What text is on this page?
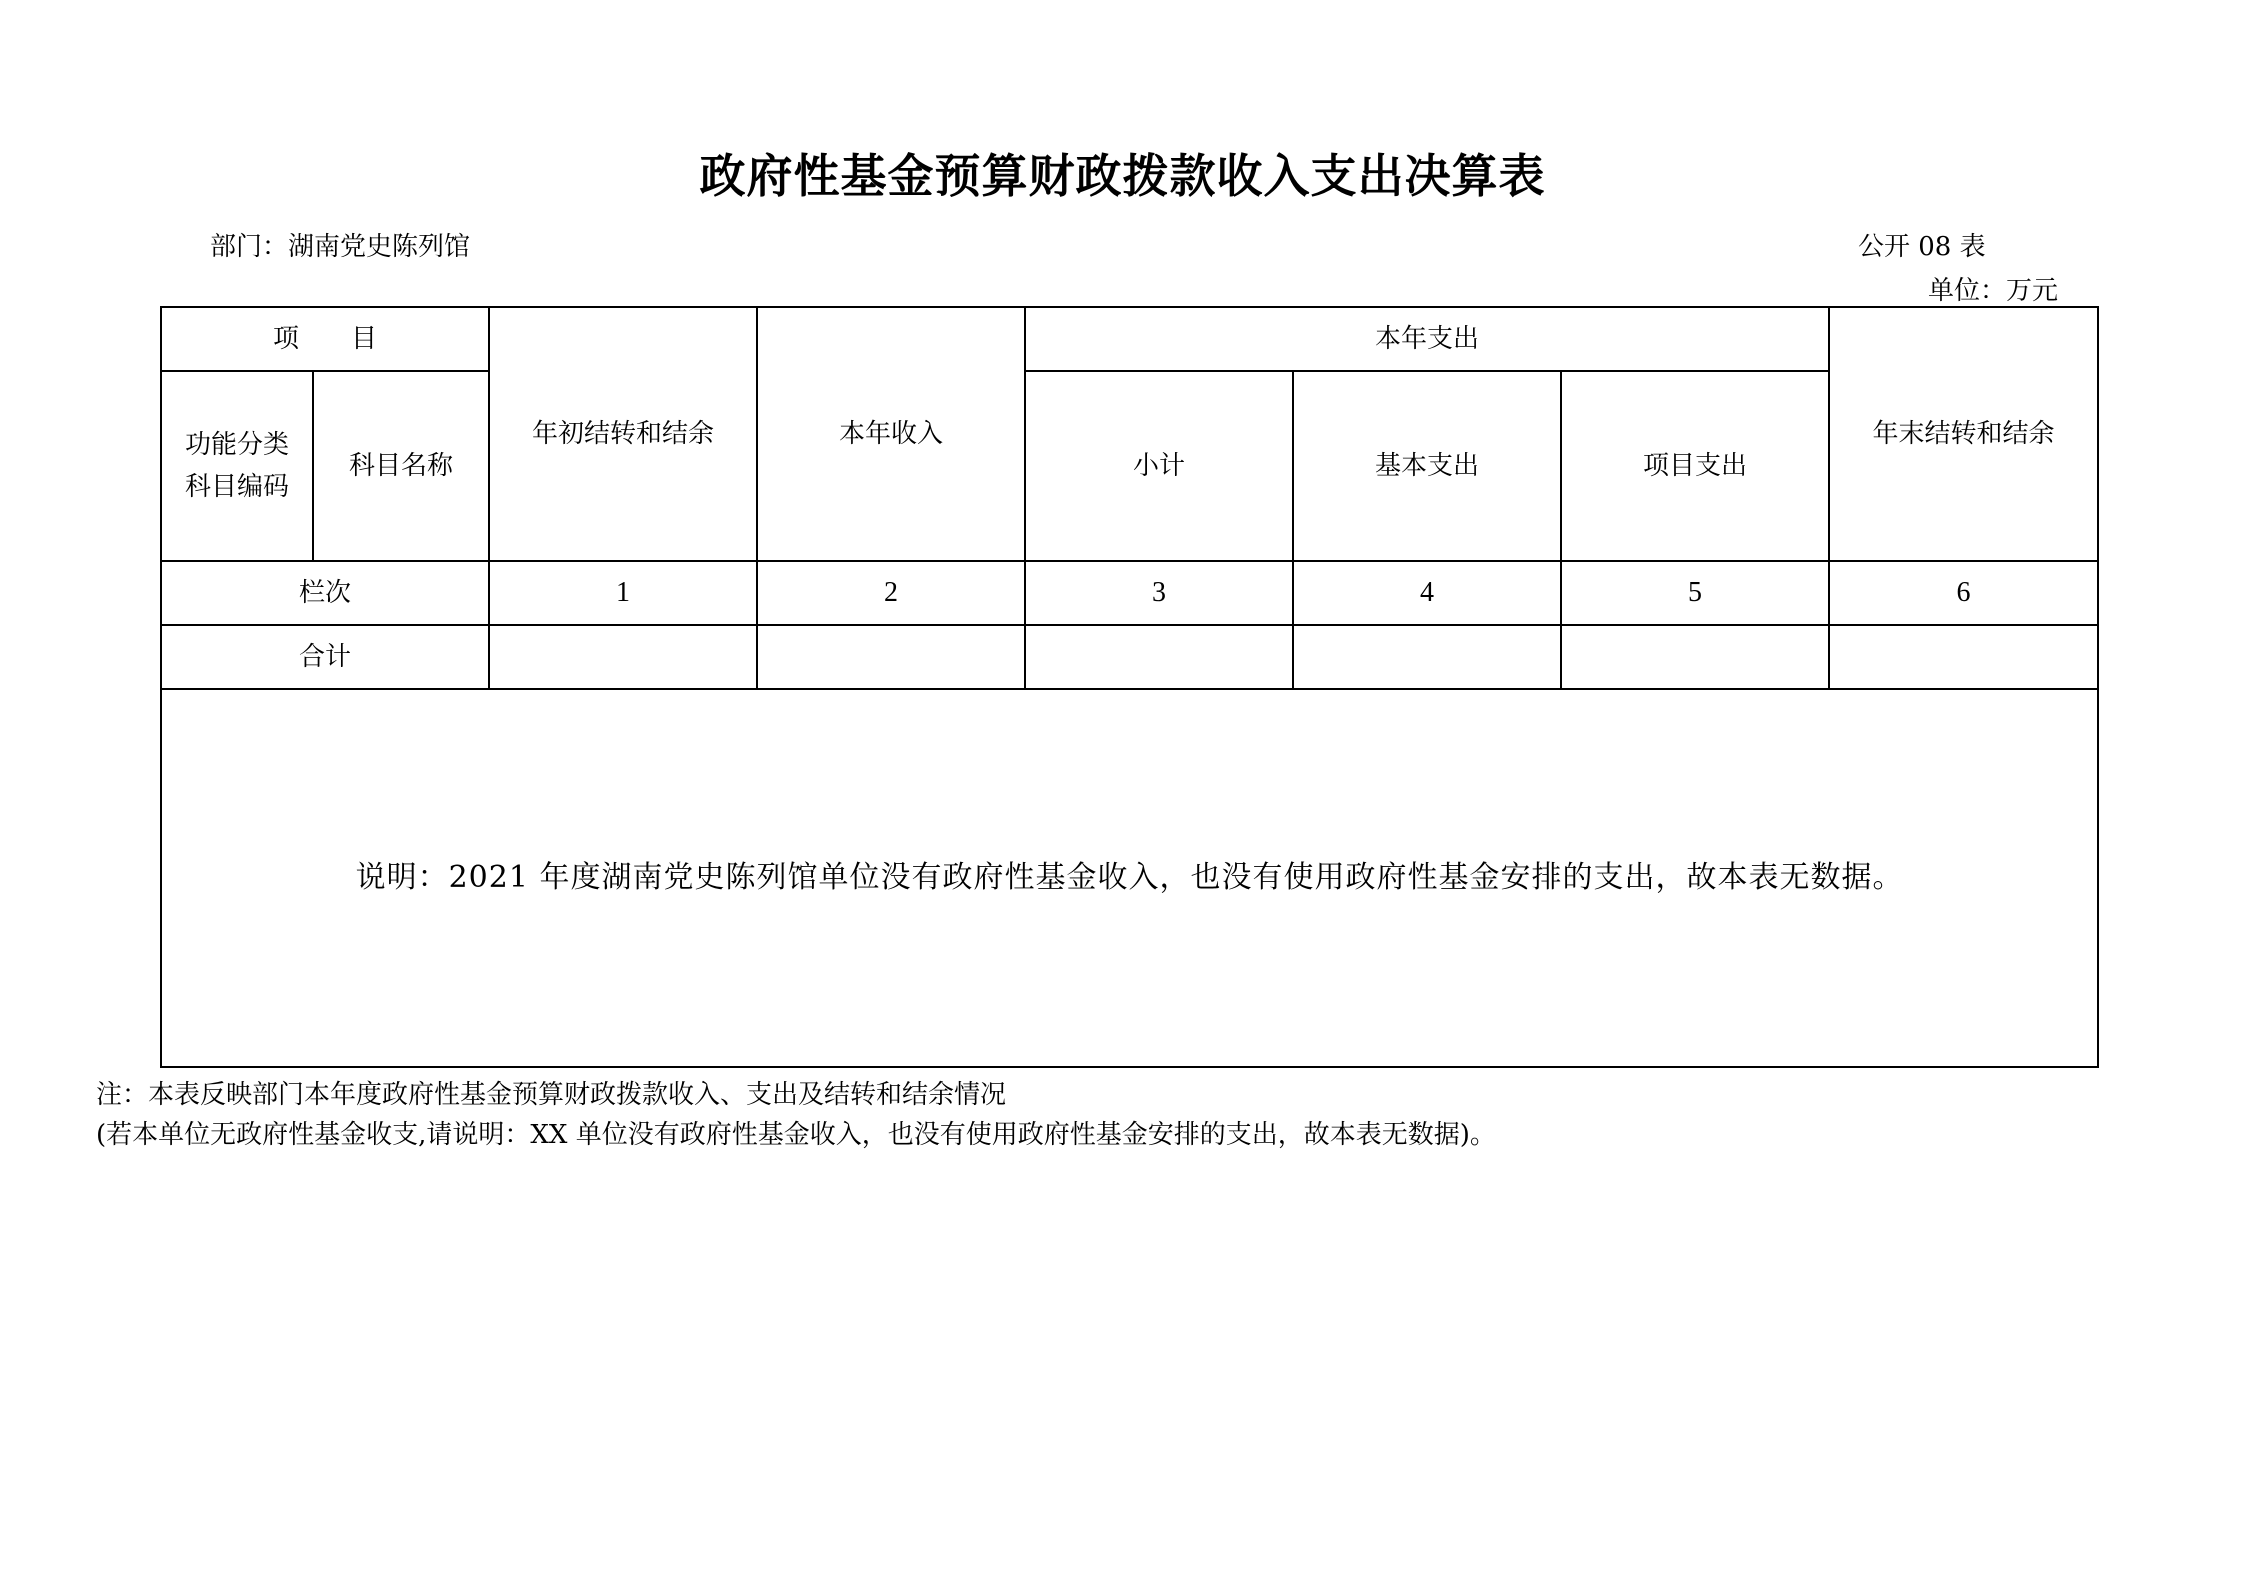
政府性基金预算财政拨款收入支出决算表
部门：湖南党史陈列馆	公开 08 表
单位：万元
项　　目		年初结转和结余	本年收入	本年支出			年末结转和结余

功能分类科目编码	科目名称			小计	基本支出	项目支出	
栏次		1	2	3	4	5	6
合计							
说明：2021 年度湖南党史陈列馆单位没有政府性基金收入，也没有使用政府性基金安排的支出，故本表无数据。							
注：本表反映部门本年度政府性基金预算财政拨款收入、支出及结转和结余情况
(若本单位无政府性基金收支,请说明：XX 单位没有政府性基金收入，也没有使用政府性基金安排的支出，故本表无数据)。
